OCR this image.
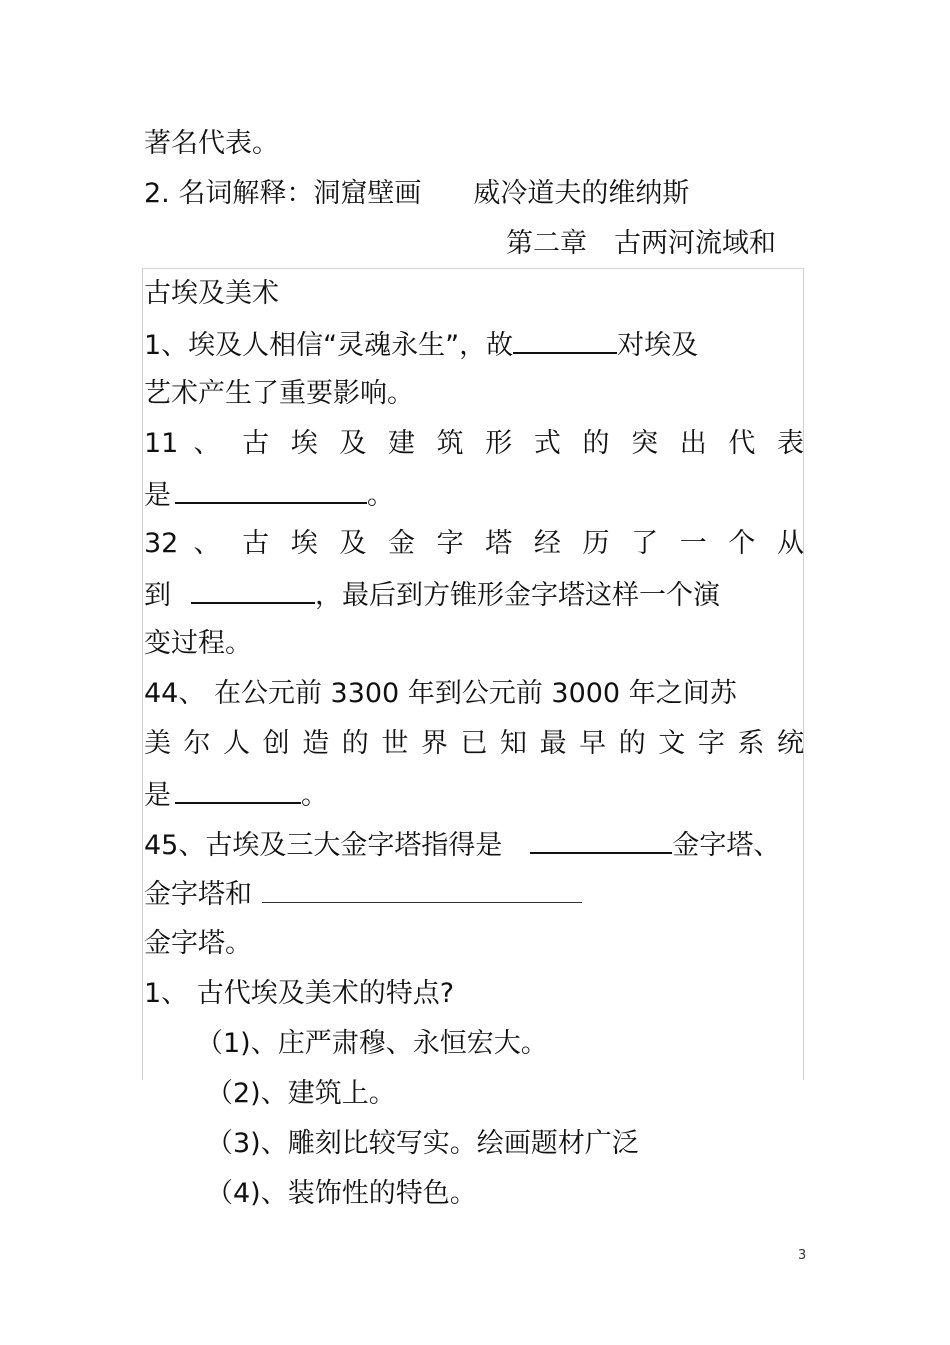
著名代表。
2. 名词解释：洞窟壁画 威冷道夫的维纳斯
第二章　古两河流域和
古埃及美术
1、埃及人相信“灵魂永生”，故	对埃及
艺术产生了重要影响。
11 、 古 埃 及 建 筑 形 式 的 突 出 代 表
是	。
32 、 古 埃 及 金 字 塔 经 历 了 一 个 从
到	，最后到方锥形金字塔这样一个演
变过程。
44、 在公元前 3300 年到公元前 3000 年之间苏
美 尔 人 创 造 的 世 界 已 知 最 早 的 文 字 系 统
是	。
45、古埃及三大金字塔指得是	金字塔、
金字塔和
金字塔。
1、 古代埃及美术的特点?
（1)、庄严肃穆、永恒宏大。
（2)、建筑上。
（3)、雕刻比较写实。绘画题材广泛
（4)、装饰性的特色。
3
